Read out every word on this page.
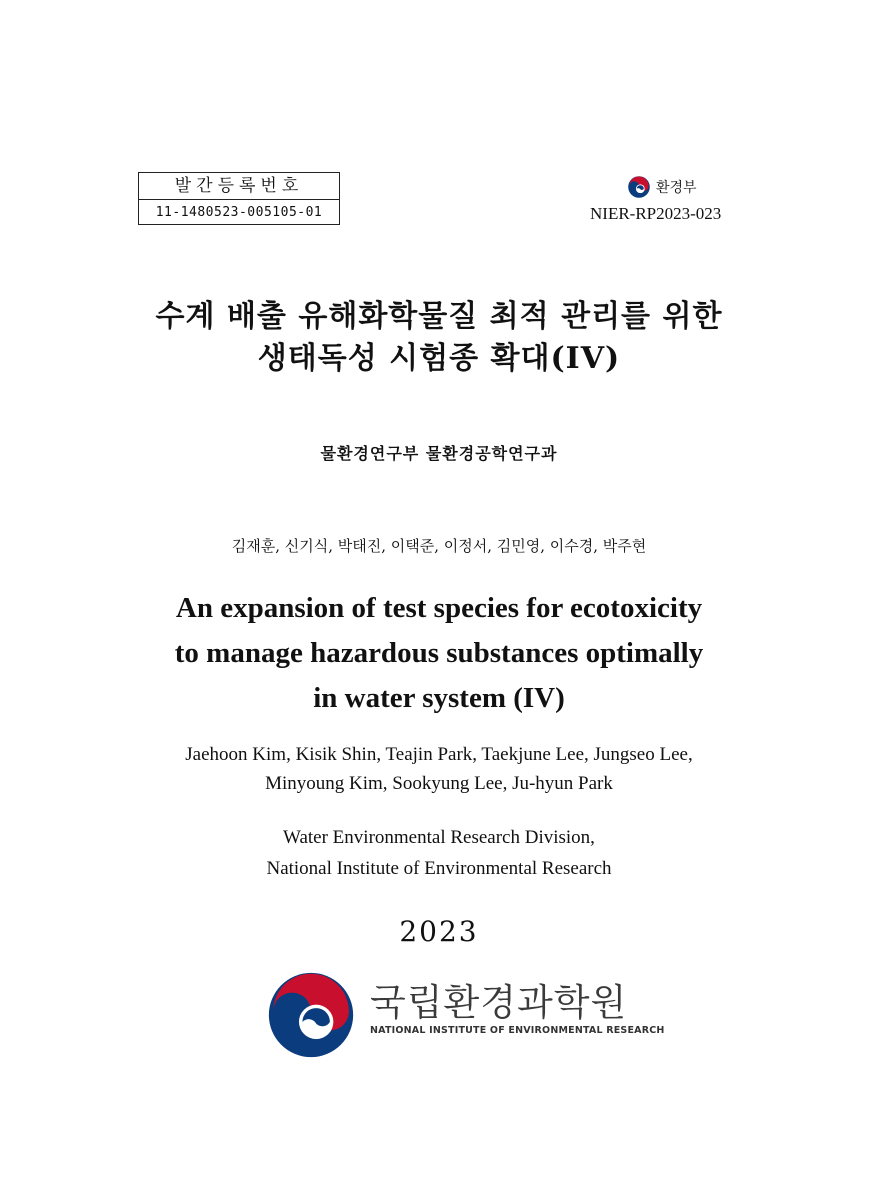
발간등록번호
11-1480523-005105-01
환경부
NIER-RP2023-023
수계 배출 유해화학물질 최적 관리를 위한
생태독성 시험종 확대(IV)
물환경연구부 물환경공학연구과
김재훈, 신기식, 박태진, 이택준, 이정서, 김민영, 이수경, 박주현
An expansion of test species for ecotoxicity
to manage hazardous substances optimally
in water system (IV)
Jaehoon Kim, Kisik Shin, Teajin Park, Taekjune Lee, Jungseo Lee,
Minyoung Kim, Sookyung Lee, Ju-hyun Park
Water Environmental Research Division,
National Institute of Environmental Research
2023
국립환경과학원
NATIONAL INSTITUTE OF ENVIRONMENTAL RESEARCH
